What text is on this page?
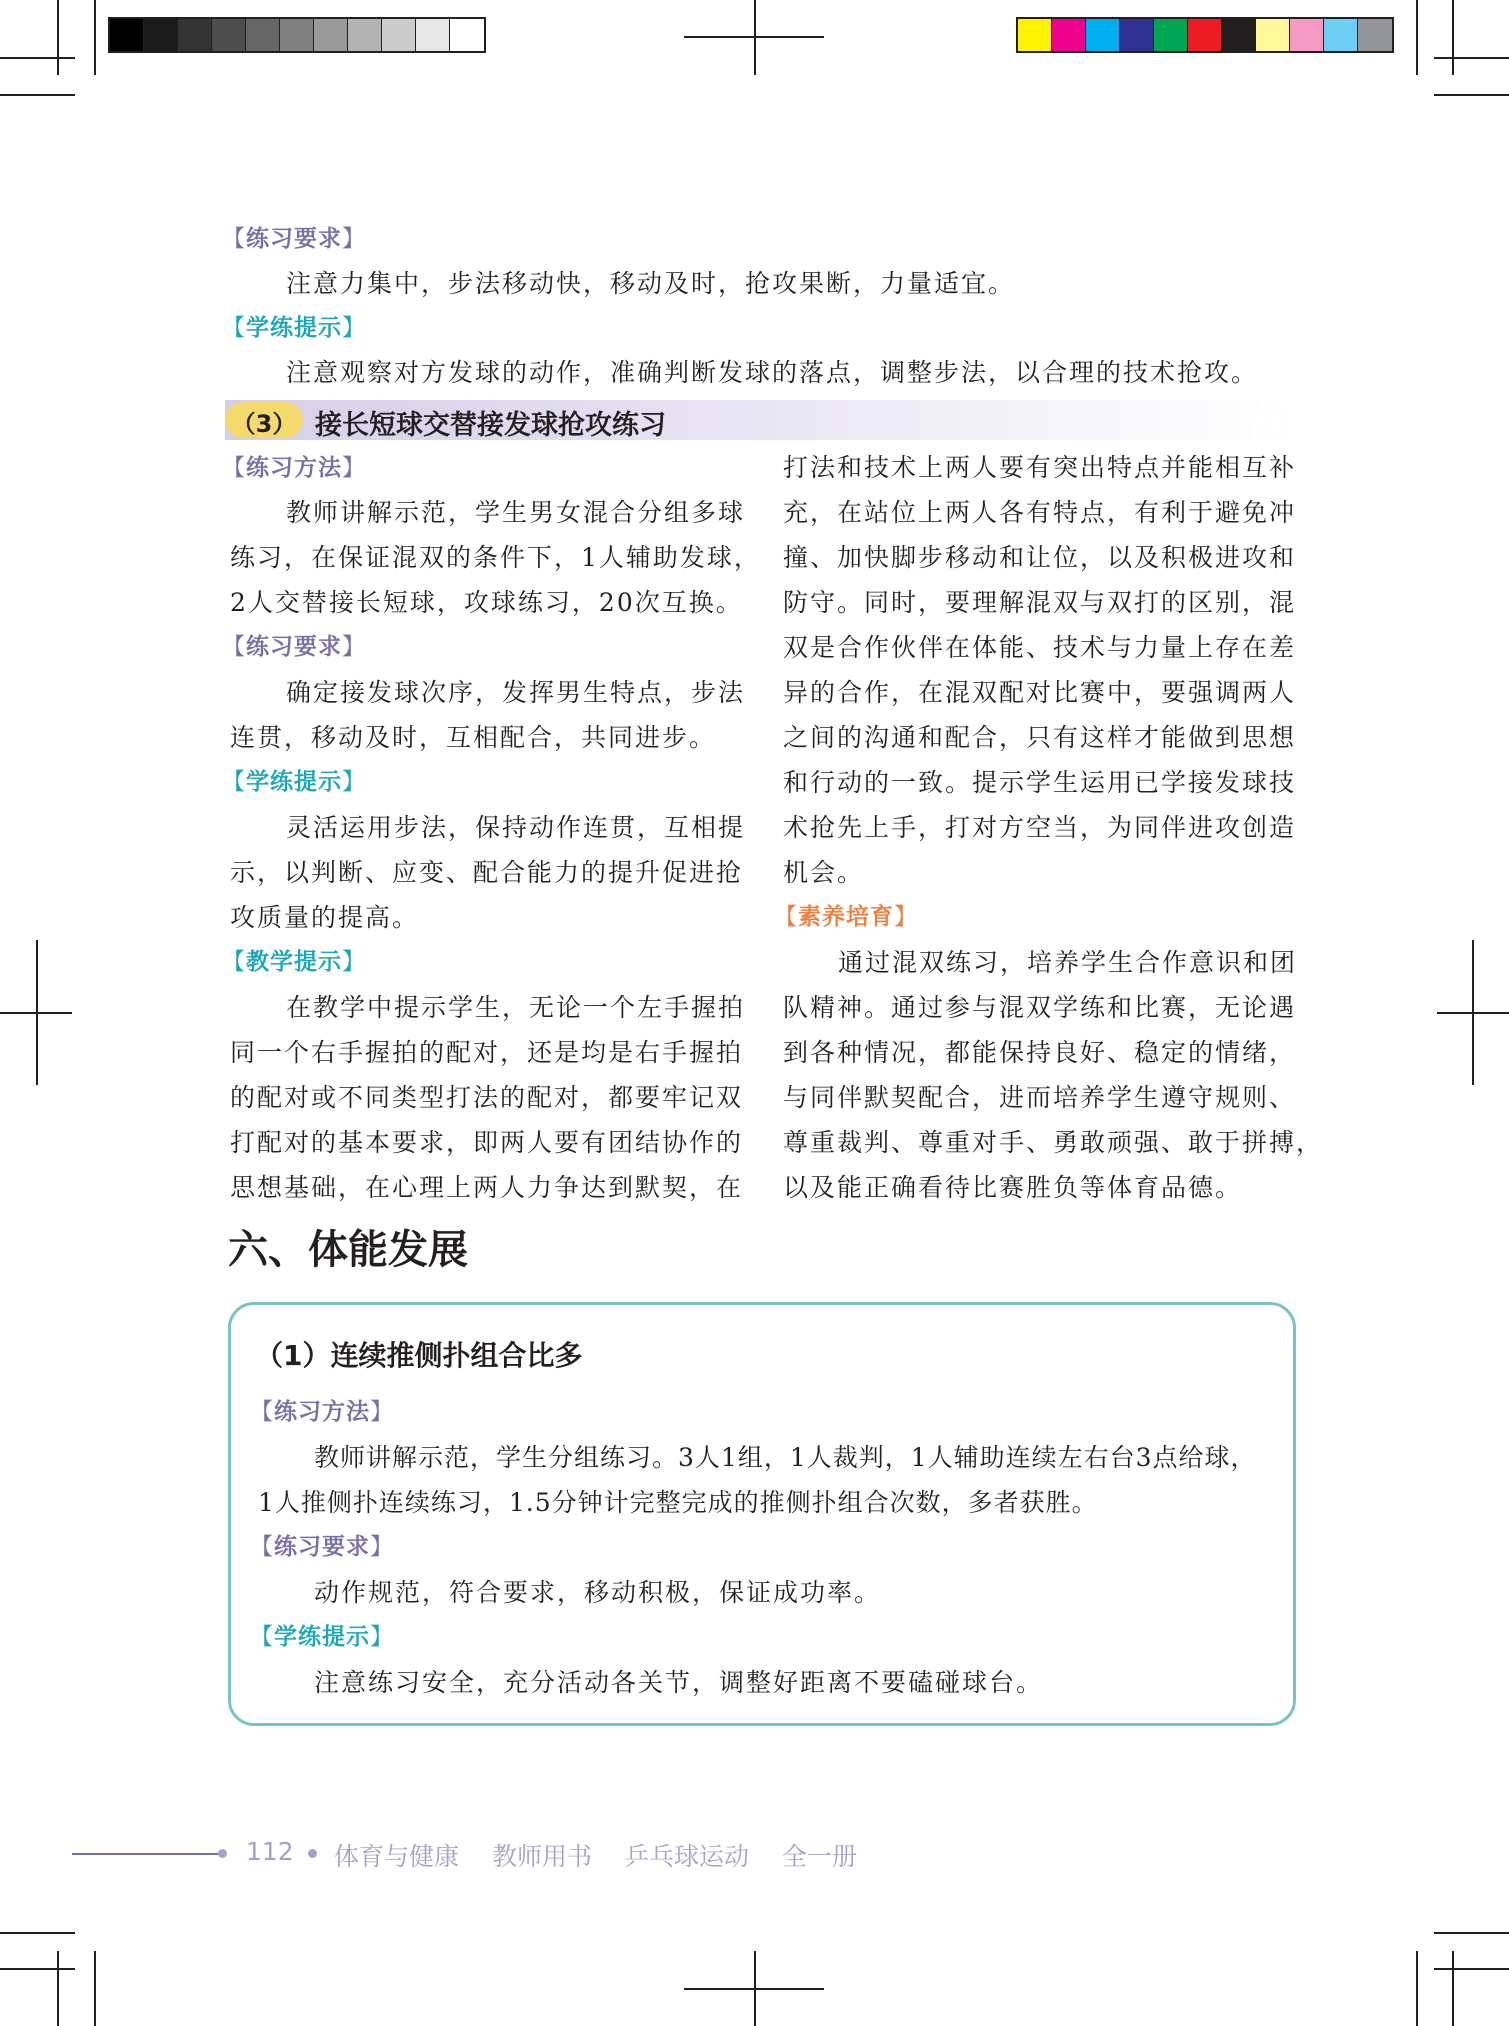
【练习要求】
注意力集中，步法移动快，移动及时，抢攻果断，力量适宜。
【学练提示】
注意观察对方发球的动作，准确判断发球的落点，调整步法，以合理的技术抢攻。
（3） 接长短球交替接发球抢攻练习
【练习方法】
教师讲解示范，学生男女混合分组多球
练习，在保证混双的条件下，1人辅助发球，
2人交替接长短球，攻球练习，20次互换。
【练习要求】
确定接发球次序，发挥男生特点，步法
连贯，移动及时，互相配合，共同进步。
【学练提示】
灵活运用步法，保持动作连贯，互相提
示，以判断、应变、配合能力的提升促进抢
攻质量的提高。
【教学提示】
在教学中提示学生，无论一个左手握拍
同一个右手握拍的配对，还是均是右手握拍
的配对或不同类型打法的配对，都要牢记双
打配对的基本要求，即两人要有团结协作的
思想基础，在心理上两人力争达到默契，在
打法和技术上两人要有突出特点并能相互补
充，在站位上两人各有特点，有利于避免冲
撞、加快脚步移动和让位，以及积极进攻和
防守。同时，要理解混双与双打的区别，混
双是合作伙伴在体能、技术与力量上存在差
异的合作，在混双配对比赛中，要强调两人
之间的沟通和配合，只有这样才能做到思想
和行动的一致。提示学生运用已学接发球技
术抢先上手，打对方空当，为同伴进攻创造
机会。
【素养培育】
通过混双练习，培养学生合作意识和团
队精神。通过参与混双学练和比赛，无论遇
到各种情况，都能保持良好、稳定的情绪，
与同伴默契配合，进而培养学生遵守规则、
尊重裁判、尊重对手、勇敢顽强、敢于拼搏，
以及能正确看待比赛胜负等体育品德。
六、体能发展
（1）连续推侧扑组合比多
【练习方法】
教师讲解示范，学生分组练习。3人1组，1人裁判，1人辅助连续左右台3点给球，
1人推侧扑连续练习，1.5分钟计完整完成的推侧扑组合次数，多者获胜。
【练习要求】
动作规范，符合要求，移动积极，保证成功率。
【学练提示】
注意练习安全，充分活动各关节，调整好距离不要磕碰球台。
112 体育与健康 教师用书 乒乓球运动 全一册
